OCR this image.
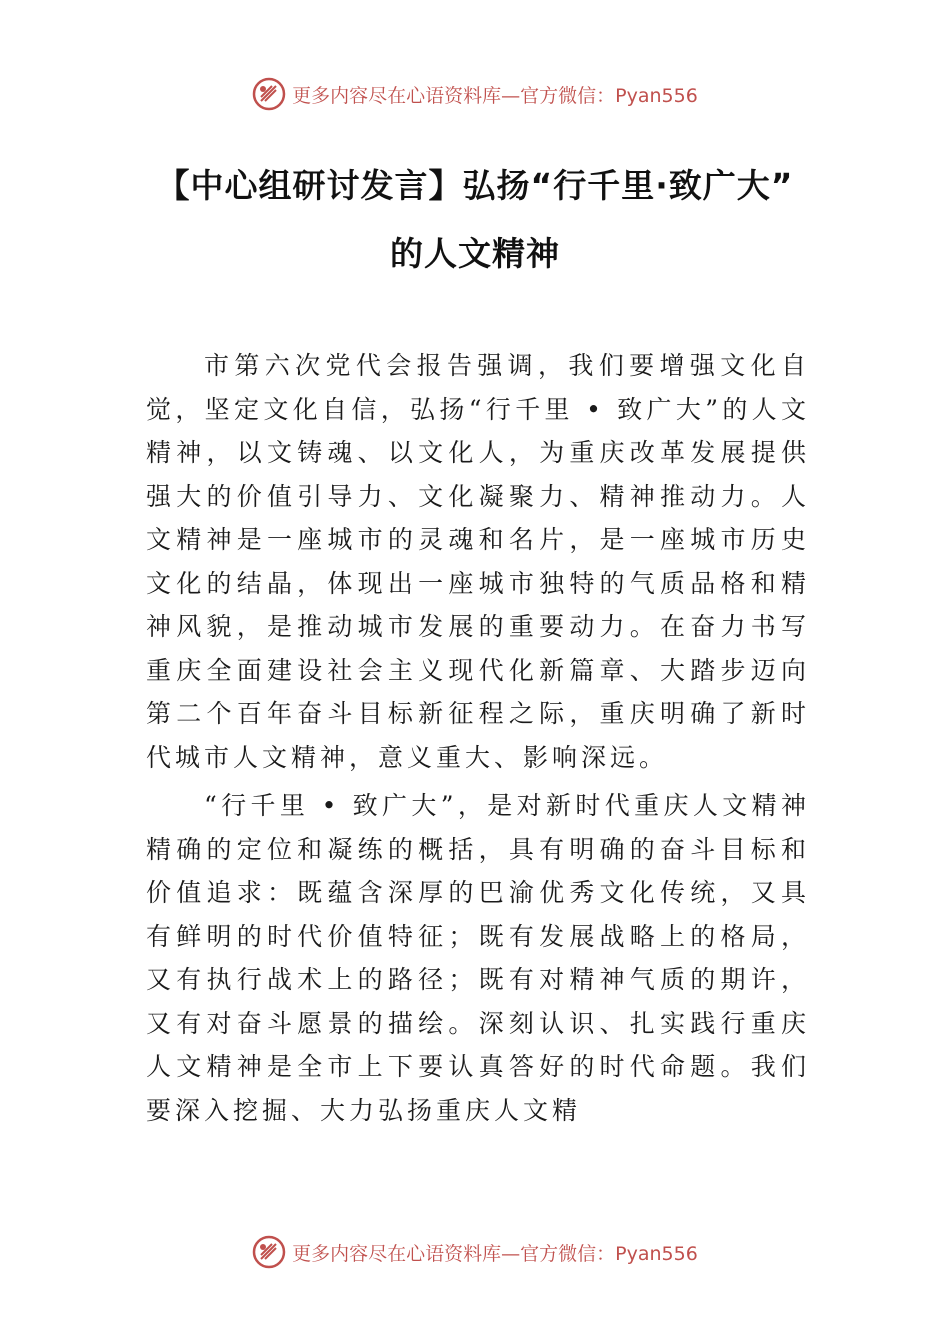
更多内容尽在心语资料库— 官方微信：Pyan556
【中心组研讨发言】弘扬“行千里·致广大”
的人文精神

市第六次党代会报告强调，我们要增强文化自觉，坚定文化自信，弘扬“行千里 • 致广大”的人文精神，以文铸魂、以文化人，为重庆改革发展提供强大的价值引导力、文化凝聚力、精神推动力。人文精神是一座城市的灵魂和名片，是一座城市历史文化的结晶，体现出一座城市独特的气质品格和精神风貌，是推动城市发展的重要动力。在奋力书写重庆全面建设社会主义现代化新篇章、大踏步迈向第二个百年奋斗目标新征程之际，重庆明确了新时代城市人文精神，意义重大、影响深远。

“行千里 • 致广大”，是对新时代重庆人文精神精确的定位和凝练的概括，具有明确的奋斗目标和价值追求：既蕴含深厚的巴渝优秀文化传统，又具有鲜明的时代价值特征；既有发展战略上的格局，又有执行战术上的路径；既有对精神气质的期许，又有对奋斗愿景的描绘。深刻认识、扎实践行重庆人文精神是全市上下要认真答好的时代命题。我们要深入挖掘、大力弘扬重庆人文精

更多内容尽在心语资料库— 官方微信：Pyan556
